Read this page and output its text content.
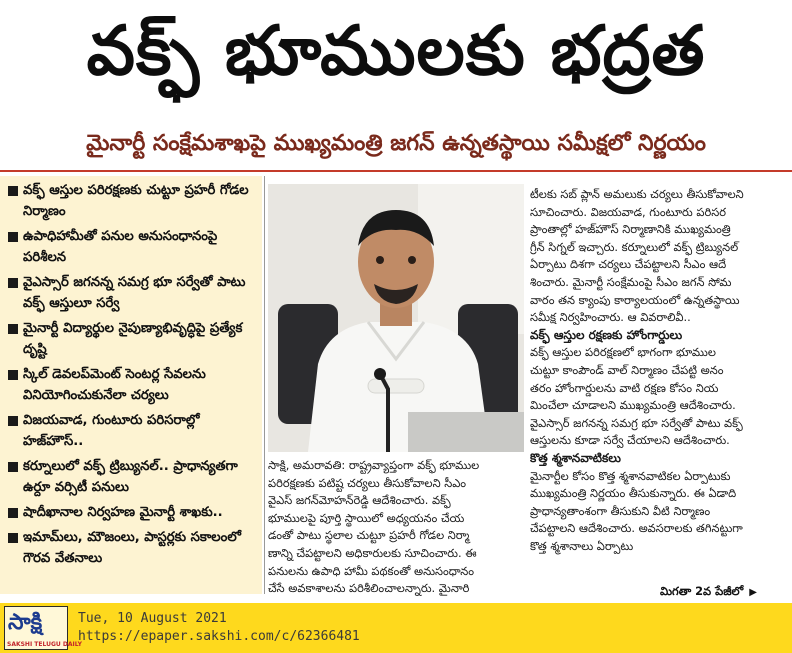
వక్ఫ్ భూములకు భద్రత
మైనార్టీ సంక్షేమశాఖపై ముఖ్యమంత్రి జగన్ ఉన్నతస్థాయి సమీక్షలో నిర్ణయం
వక్ఫ్ ఆస్తుల పరిరక్షణకు చుట్టూ ప్రహరీ గోడల నిర్మాణం
ఉపాధిహామీతో పనుల అనుసంధానంపై పరిశీలన
వైఎస్సార్ జగనన్న సమగ్ర భూ సర్వేతో పాటు వక్ఫ్ ఆస్తులూ సర్వే
మైనార్టీ విద్యార్థుల నైపుణ్యాభివృద్ధిపై ప్రత్యేక దృష్టి
స్కిల్ డెవలప్‌మెంట్ సెంటర్ల సేవలను వినియోగించుకునేలా చర్యలు
విజయవాడ, గుంటూరు పరిసరాల్లో హజ్‌హౌస్..
కర్నూలులో వక్ఫ్ ట్రిబ్యునల్.. ప్రాధాన్యతగా ఉర్దూ వర్సిటీ పనులు
షాదీఖానాల నిర్వహణ మైనార్టీ శాఖకు..
ఇమామ్‌లు, మౌజంలు, పాస్టర్లకు సకాలంలో గౌరవ వేతనాలు
సాక్షి, అమరావతి: రాష్ట్రవ్యాప్తంగా వక్ఫ్ భూముల
పరిరక్షణకు పటిష్ట చర్యలు తీసుకోవాలని సీఎం
వైఎస్ జగన్‌మోహన్‌రెడ్డి ఆదేశించారు. వక్ఫ్
భూములపై పూర్తి స్థాయిలో అధ్యయనం చేయ
డంతో పాటు స్థలాల చుట్టూ ప్రహరీ గోడల నిర్మా
ణాన్ని చేపట్టాలని అధికారులకు సూచించారు. ఈ
పనులను ఉపాధి హామీ పథకంతో అనుసంధానం
చేసే అవకాశాలను పరిశీలించాలన్నారు. మైనారి
టీలకు సబ్ ప్లాన్ అమలుకు చర్యలు తీసుకోవాలని
సూచించారు. విజయవాడ, గుంటూరు పరిసర
ప్రాంతాల్లో హజ్‌హౌస్ నిర్మాణానికి ముఖ్యమంత్రి
గ్రీన్ సిగ్నల్ ఇచ్చారు. కర్నూలులో వక్ఫ్ ట్రిబ్యునల్
ఏర్పాటు దిశగా చర్యలు చేపట్టాలని సీఎం ఆదే
శించారు. మైనార్టీ సంక్షేమంపై సీఎం జగన్ సోమ
వారం తన క్యాంపు కార్యాలయంలో ఉన్నతస్థాయి
సమీక్ష నిర్వహించారు. ఆ వివరాలివీ..
వక్ఫ్ ఆస్తుల రక్షణకు హోంగార్డులు
వక్ఫ్ ఆస్తుల పరిరక్షణలో భాగంగా భూముల
చుట్టూ కాంపౌండ్ వాల్ నిర్మాణం చేపట్టి అనం
తరం హోంగార్డులను వాటి రక్షణ కోసం నియ
మించేలా చూడాలని ముఖ్యమంత్రి ఆదేశించారు.
వైఎస్సార్ జగనన్న సమగ్ర భూ సర్వేతో పాటు వక్ఫ్
ఆస్తులను కూడా సర్వే చేయాలని ఆదేశించారు.
కొత్త శ్మశానవాటికలు
మైనార్టీల కోసం కొత్త శ్మశానవాటికల ఏర్పాటుకు
ముఖ్యమంత్రి నిర్ణయం తీసుకున్నారు. ఈ ఏడాది
ప్రాధాన్యతాంశంగా తీసుకుని వీటి నిర్మాణం
చేపట్టాలని ఆదేశించారు. అవసరాలకు తగినట్టుగా
కొత్త శ్మశానాలు ఏర్పాటు
మిగతా 2వ పేజీలో ▶
సాక్షి
SAKSHI TELUGU DAILY
Tue, 10 August 2021
https://epaper.sakshi.com/c/62366481
